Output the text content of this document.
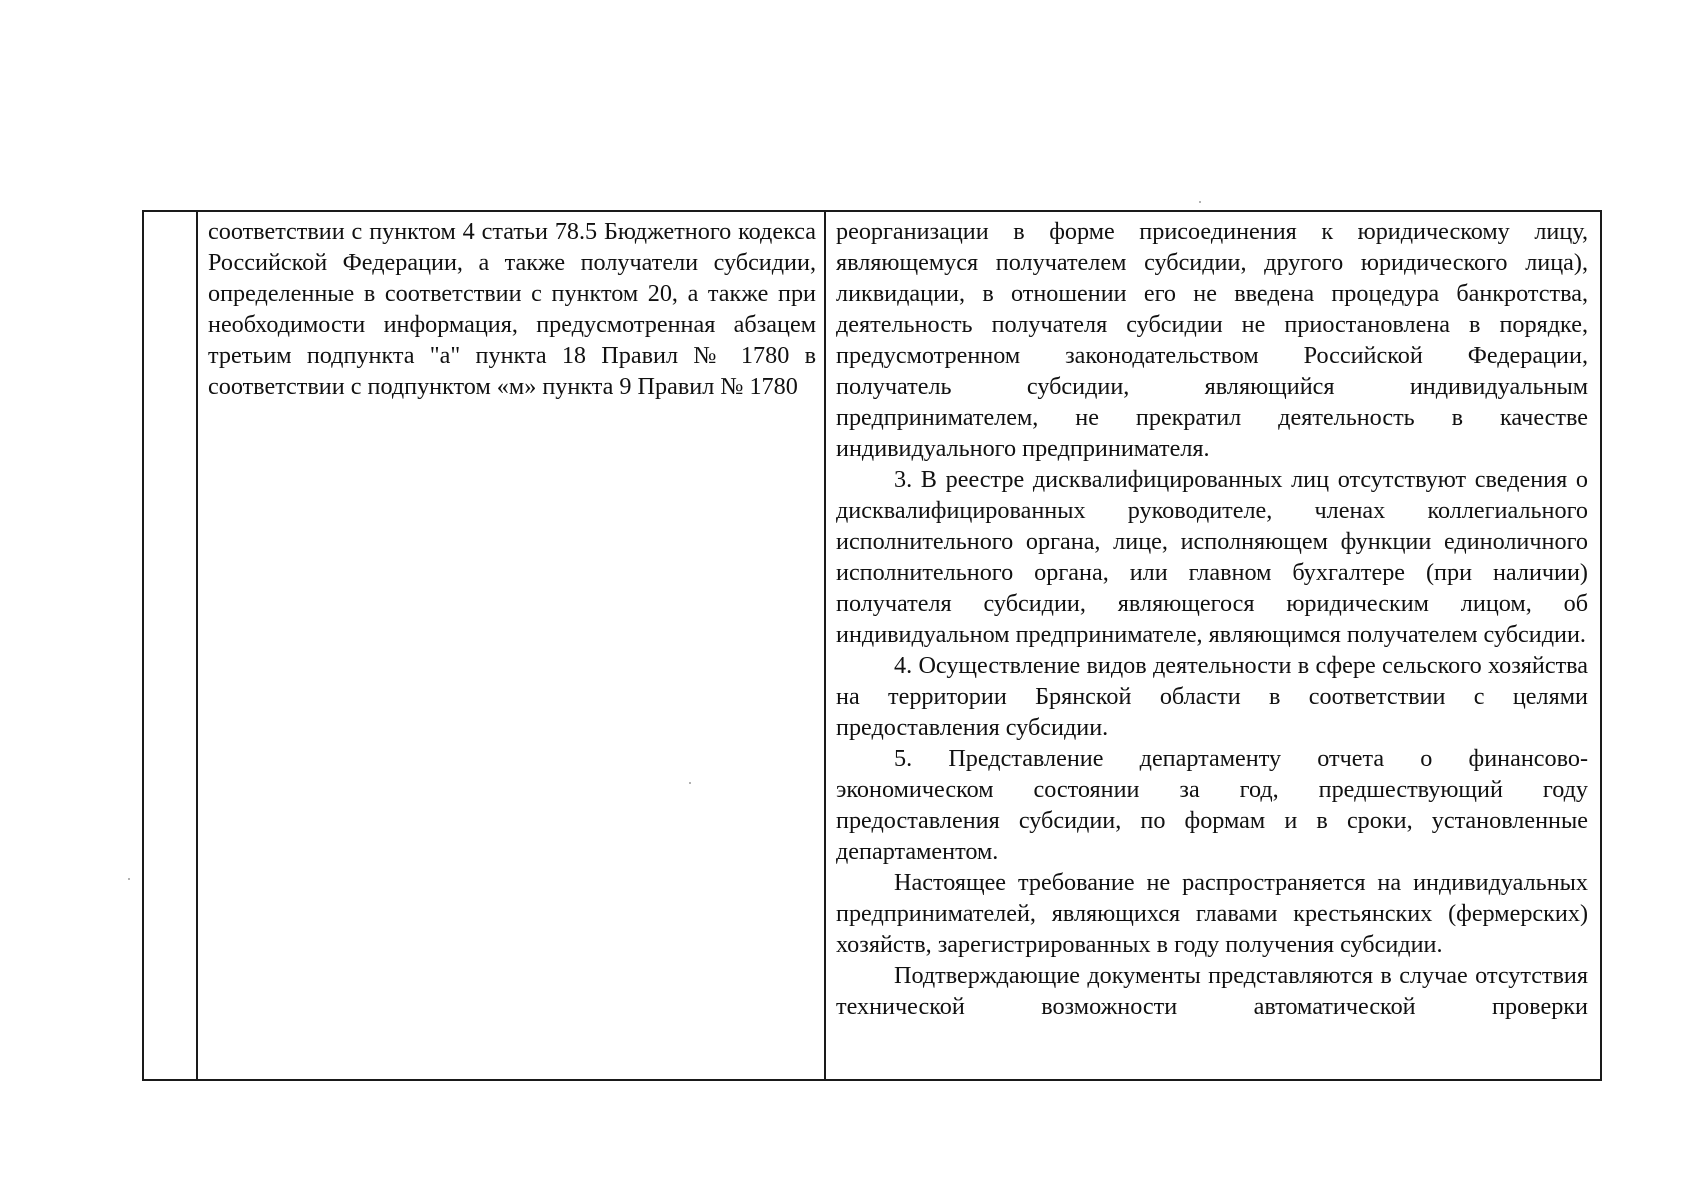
соответствии с пунктом 4 статьи 78.5 Бюджетного кодекса Российской Федерации, а также получатели субсидии, определенные в соответствии с пунктом 20, а также при необходимости информация, предусмотренная абзацем третьим подпункта "а" пункта 18 Правил № 1780 в соответствии с подпунктом «м» пункта 9 Правил № 1780

реорганизации в форме присоединения к юридическому лицу, являющемуся получателем субсидии, другого юридического лица), ликвидации, в отношении его не введена процедура банкротства, деятельность получателя субсидии не приостановлена в порядке, предусмотренном законодательством Российской Федерации, получатель субсидии, являющийся индивидуальным предпринимателем, не прекратил деятельность в качестве индивидуального предпринимателя.

3. В реестре дисквалифицированных лиц отсутствуют сведения о дисквалифицированных руководителе, членах коллегиального исполнительного органа, лице, исполняющем функции единоличного исполнительного органа, или главном бухгалтере (при наличии) получателя субсидии, являющегося юридическим лицом, об индивидуальном предпринимателе, являющимся получателем субсидии.

4. Осуществление видов деятельности в сфере сельского хозяйства на территории Брянской области в соответствии с целями предоставления субсидии.

5. Представление департаменту отчета о финансово-экономическом состоянии за год, предшествующий году предоставления субсидии, по формам и в сроки, установленные департаментом.

Настоящее требование не распространяется на индивидуальных предпринимателей, являющихся главами крестьянских (фермерских) хозяйств, зарегистрированных в году получения субсидии.

Подтверждающие документы представляются в случае отсутствия технической возможности автоматической проверки
